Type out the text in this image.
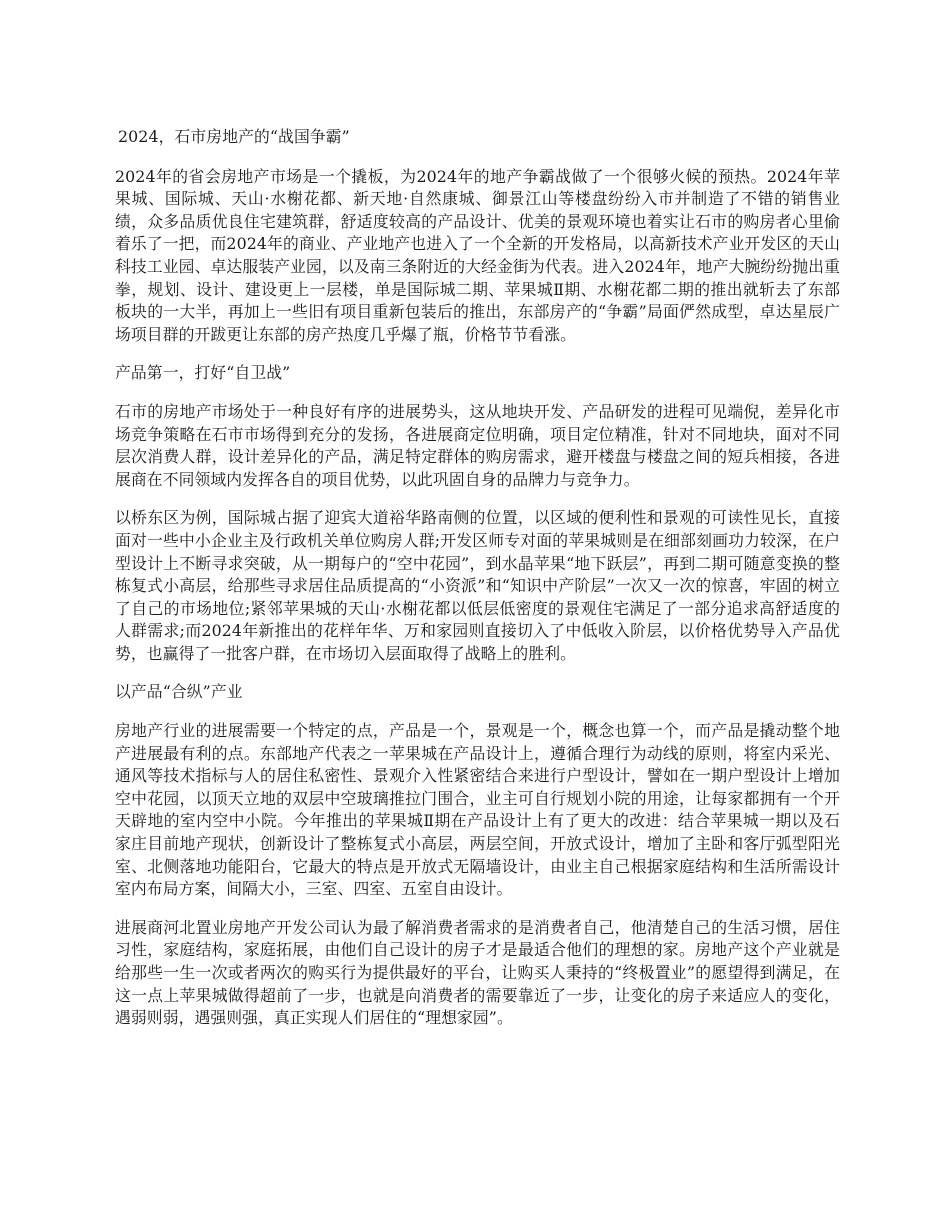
2024，石市房地产的“战国争霸”

2024年的省会房地产市场是一个撬板，为2024年的地产争霸战做了一个很够火候的预热。2024年苹果城、国际城、天山·水榭花都、新天地·自然康城、御景江山等楼盘纷纷入市并制造了不错的销售业绩，众多品质优良住宅建筑群，舒适度较高的产品设计、优美的景观环境也着实让石市的购房者心里偷着乐了一把，而2024年的商业、产业地产也进入了一个全新的开发格局，以高新技术产业开发区的天山科技工业园、卓达服装产业园，以及南三条附近的大经金街为代表。进入2024年，地产大腕纷纷抛出重拳，规划、设计、建设更上一层楼，单是国际城二期、苹果城Ⅱ期、水榭花都二期的推出就斩去了东部板块的一大半，再加上一些旧有项目重新包装后的推出，东部房产的“争霸”局面俨然成型，卓达星辰广场项目群的开跋更让东部的房产热度几乎爆了瓶，价格节节看涨。

产品第一，打好“自卫战”

石市的房地产市场处于一种良好有序的进展势头，这从地块开发、产品研发的进程可见端倪，差异化市场竞争策略在石市市场得到充分的发扬，各进展商定位明确，项目定位精准，针对不同地块，面对不同层次消费人群，设计差异化的产品，满足特定群体的购房需求，避开楼盘与楼盘之间的短兵相接，各进展商在不同领域内发挥各自的项目优势，以此巩固自身的品牌力与竞争力。

以桥东区为例，国际城占据了迎宾大道裕华路南侧的位置，以区域的便利性和景观的可读性见长，直接面对一些中小企业主及行政机关单位购房人群;开发区师专对面的苹果城则是在细部刻画功力较深，在户型设计上不断寻求突破，从一期每户的“空中花园”，到水晶苹果“地下跃层”，再到二期可随意变换的整栋复式小高层，给那些寻求居住品质提高的“小资派”和“知识中产阶层”一次又一次的惊喜，牢固的树立了自己的市场地位;紧邻苹果城的天山·水榭花都以低层低密度的景观住宅满足了一部分追求高舒适度的人群需求;而2024年新推出的花样年华、万和家园则直接切入了中低收入阶层，以价格优势导入产品优势，也赢得了一批客户群，在市场切入层面取得了战略上的胜利。

以产品“合纵”产业

房地产行业的进展需要一个特定的点，产品是一个，景观是一个，概念也算一个，而产品是撬动整个地产进展最有利的点。东部地产代表之一苹果城在产品设计上，遵循合理行为动线的原则，将室内采光、通风等技术指标与人的居住私密性、景观介入性紧密结合来进行户型设计，譬如在一期户型设计上增加空中花园，以顶天立地的双层中空玻璃推拉门围合，业主可自行规划小院的用途，让每家都拥有一个开天辟地的室内空中小院。今年推出的苹果城Ⅱ期在产品设计上有了更大的改进：结合苹果城一期以及石家庄目前地产现状，创新设计了整栋复式小高层，两层空间，开放式设计，增加了主卧和客厅弧型阳光室、北侧落地功能阳台，它最大的特点是开放式无隔墙设计，由业主自己根据家庭结构和生活所需设计室内布局方案，间隔大小，三室、四室、五室自由设计。

进展商河北置业房地产开发公司认为最了解消费者需求的是消费者自己，他清楚自己的生活习惯，居住习性，家庭结构，家庭拓展，由他们自己设计的房子才是最适合他们的理想的家。房地产这个产业就是给那些一生一次或者两次的购买行为提供最好的平台，让购买人秉持的“终极置业”的愿望得到满足，在这一点上苹果城做得超前了一步，也就是向消费者的需要靠近了一步，让变化的房子来适应人的变化，遇弱则弱，遇强则强，真正实现人们居住的“理想家园”。
